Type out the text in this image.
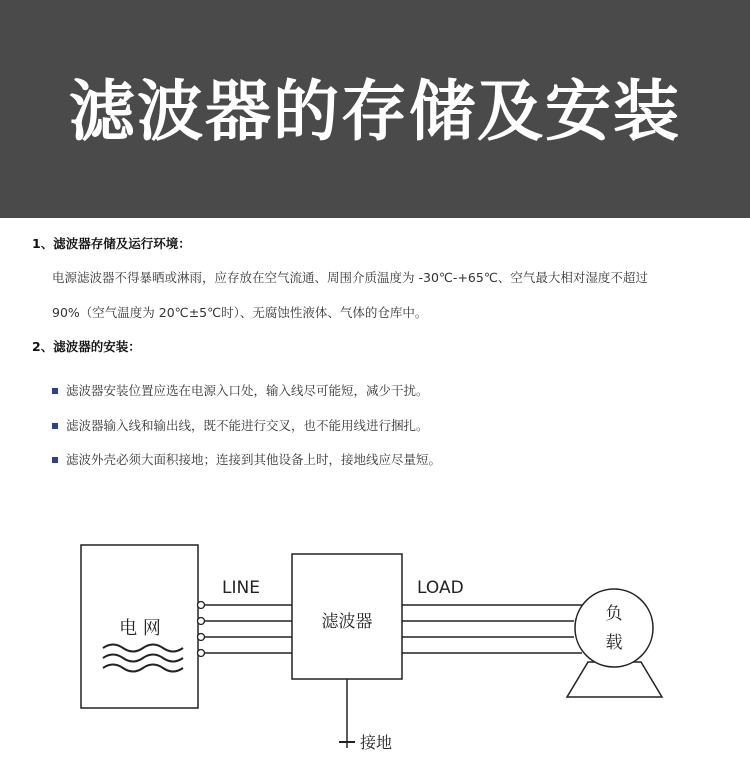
滤波器的存储及安装
1、滤波器存储及运行环境：
电源滤波器不得暴晒或淋雨，应存放在空气流通、周围介质温度为 -30℃-+65℃、空气最大相对湿度不超过
90%（空气温度为 20℃±5℃时）、无腐蚀性液体、气体的仓库中。
2、滤波器的安装：
滤波器安装位置应选在电源入口处，输入线尽可能短，减少干扰。
滤波器输入线和输出线，既不能进行交叉，也不能用线进行捆扎。
滤波外壳必须大面积接地；连接到其他设备上时，接地线应尽量短。
电 网
LINE
滤波器
LOAD
负
载
接地
